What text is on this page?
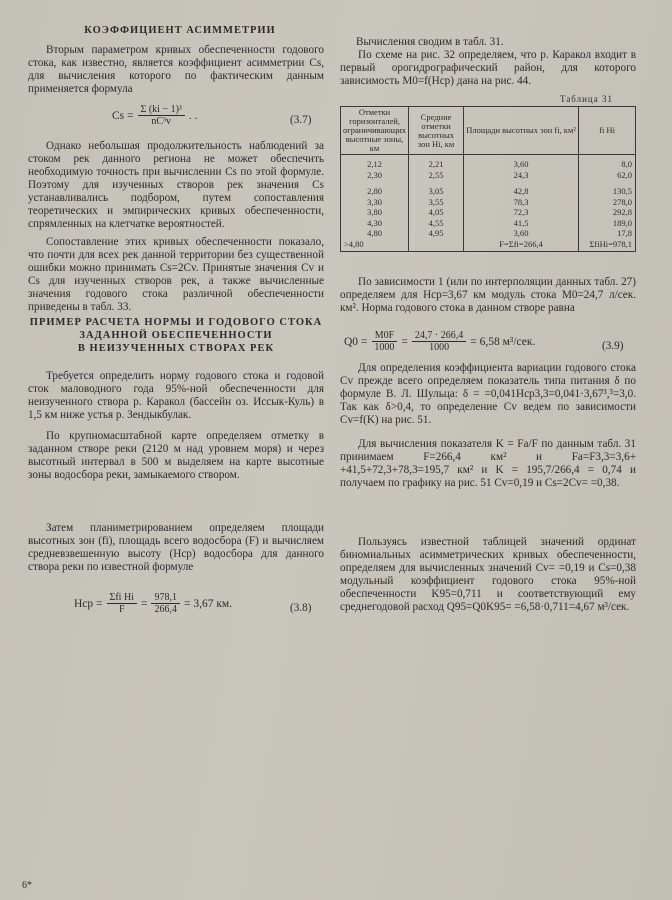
КОЭФФИЦИЕНТ АСИММЕТРИИ

Вторым параметром кривых обеспеченности годового стока, как известно, является коэффициент асимметрии Cs, для вычисления которого по фактическим данным применяется формула

$Cs = \frac{\text{Σ (ki − 1)³}}{\text{nC³v}}$ . .	(3.7)

Однако небольшая продолжительность наблюдений за стоком рек данного региона не может обеспечить необходимую точность при вычислении Cs по этой формуле. Поэтому для изученных створов рек значения Cs устанавливались подбором, путем сопоставления теоретических и эмпирических кривых обеспеченности, спрямленных на клетчатке вероятностей.

Сопоставление этих кривых обеспеченности показало, что почти для всех рек данной территории без существенной ошибки можно принимать Cs=2Cv. Принятые значения Cv и Cs для изученных створов рек, а также вычисленные значения годового стока различной обеспеченности приведены в табл. 33.

ПРИМЕР РАСЧЕТА НОРМЫ И ГОДОВОГО СТОКА
ЗАДАННОЙ ОБЕСПЕЧЕННОСТИ
В НЕИЗУЧЕННЫХ СТВОРАХ РЕК

Требуется определить норму годового стока и годовой сток маловодного года 95%-ной обеспеченности для неизученного створа р. Каракол (бассейн оз. Иссык-Куль) в 1,5 км ниже устья р. Зендыкбулак.

По крупномасштабной карте определяем отметку в заданном створе реки (2120 м над уровнем моря) и через высотный интервал в 500 м выделяем на карте высотные зоны водосбора реки, замыкаемого створом.

Затем планиметрированием определяем площади высотных зон (fi), площадь всего водосбора (F) и вычисляем средневзвешенную высоту (Hср) водосбора для данного створа реки по известной формуле

Hср = $\frac{\text{Σfi Hi}}{F} = \frac{978,1}{266,4} = 3,67$ км.	(3.8)

Вычисления сводим в табл. 31.

По схеме на рис. 32 определяем, что р. Каракол входит в первый орогидрографический район, для которого зависимость M0=f(Hср) дана на рис. 44.

Таблица 31
Отметки горизонталей, ограничивающих высотные зоны, км	Средние отметки высотных зон Hi, км	Площади высотных зон fi, км²	fi Hi
2,12	2,21	3,60	8,0
2,30	2,55	24,3	62,0
2,80	3,05	42,8	130,5
3,30	3,55	78,3	278,0
3,80	4,05	72,3	292,8
4,30	4,55	41,5	189,0
4,80	4,95	3,60	17,8
>4,80		F=Σfi=266,4	ΣfiHi=978,1

По зависимости 1 (или по интерполяции данных табл. 27) определяем для Hср=3,67 км модуль стока M0=24,7 л/сек. км². Норма годового стока в данном створе равна

$Q0 = \frac{M0F}{1000} = \frac{24,7 \cdot 266,4}{1000} = 6,58$ м³/сек.	(3.9)

Для определения коэффициента вариации годового стока Cv прежде всего определяем показатель типа питания δ по формуле В. Л. Шульца: δ = =0,041Hср3,3=0,041·3,67³,³=3,0. Так как δ>0,4, то определение Cv ведем по зависимости Cv=f(K) на рис. 51.

Для вычисления показателя K = Fa/F по данным табл. 31 принимаем F=266,4 км² и Fa=F3,3=3,6+ +41,5+72,3+78,3=195,7 км² и K = 195,7/266,4 = 0,74 и получаем по графику на рис. 51 Cv=0,19 и Cs=2Cv= =0,38.

Пользуясь известной таблицей значений ординат биномиальных асимметрических кривых обеспеченности, определяем для вычисленных значений Cv= =0,19 и Cs=0,38 модульный коэффициент годового стока 95%-ной обеспеченности K95=0,711 и соответствующий ему среднегодовой расход Q95=Q0K95= =6,58·0,711=4,67 м³/сек.

6*
